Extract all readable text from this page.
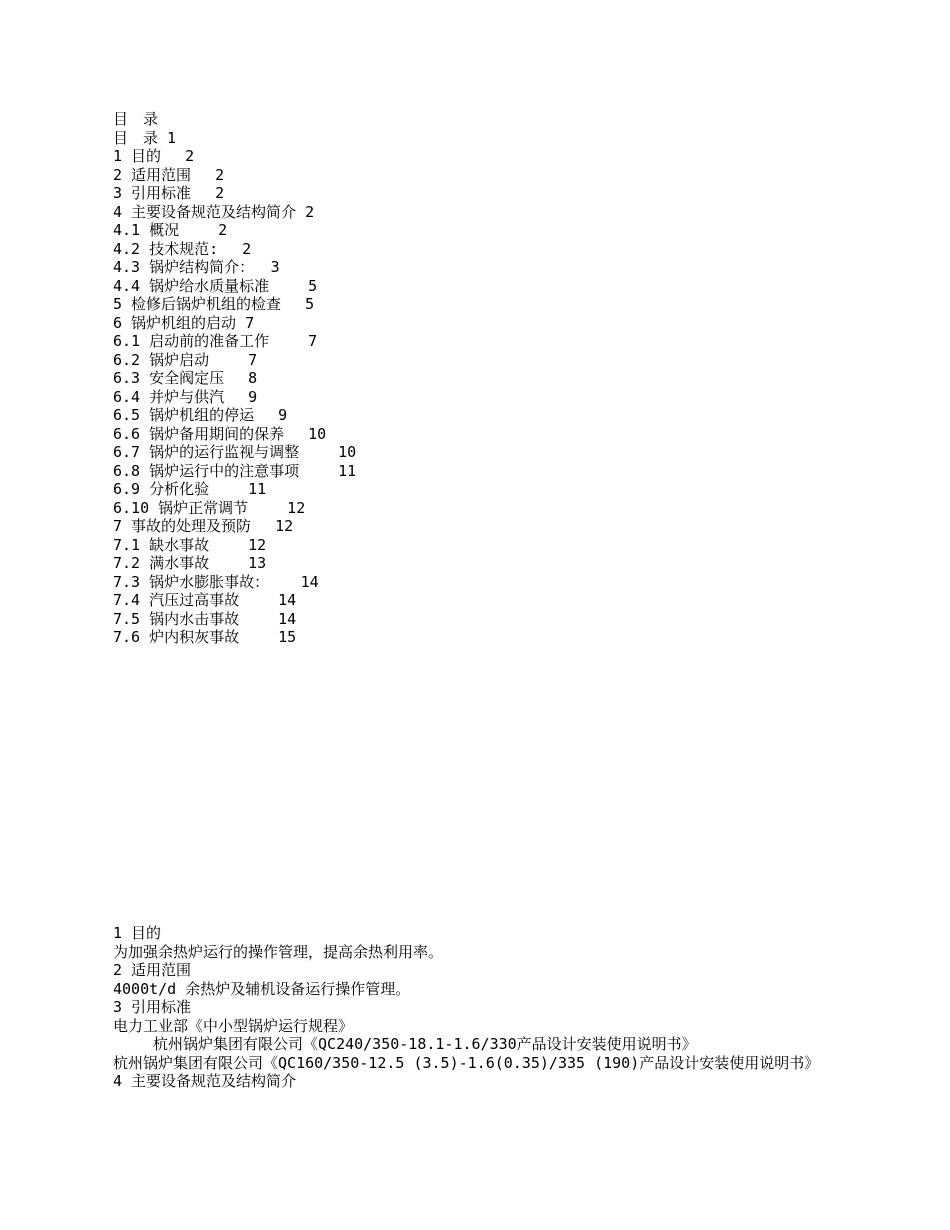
目　录
目　录 1
1 目的　 2
2 适用范围　 2
3 引用标准　 2
4 主要设备规范及结构简介 2
4.1 概况　　 2
4.2 技术规范:　 2
4.3 锅炉结构简介：　 3
4.4 锅炉给水质量标准　　 5
5 检修后锅炉机组的检查　 5
6 锅炉机组的启动 7
6.1 启动前的准备工作　　 7
6.2 锅炉启动　　 7
6.3 安全阀定压　 8
6.4 并炉与供汽　 9
6.5 锅炉机组的停运　 9
6.6 锅炉备用期间的保养　 10
6.7 锅炉的运行监视与调整　　 10
6.8 锅炉运行中的注意事项　　 11
6.9 分析化验　　 11
6.10 锅炉正常调节　　 12
7 事故的处理及预防　 12
7.1 缺水事故　　 12
7.2 满水事故　　 13
7.3 锅炉水膨胀事故：　　 14
7.4 汽压过高事故　　 14
7.5 锅内水击事故　　 14
7.6 炉内积灰事故　　 15
1 目的
为加强余热炉运行的操作管理，提高余热利用率。
2 适用范围
4000t/d 余热炉及辅机设备运行操作管理。
3 引用标准
电力工业部《中小型锅炉运行规程》
杭州锅炉集团有限公司《QC240/350-18.1-1.6/330产品设计安装使用说明书》
杭州锅炉集团有限公司《QC160/350-12.5 (3.5)-1.6(0.35)/335 (190)产品设计安装使用说明书》
4 主要设备规范及结构简介
